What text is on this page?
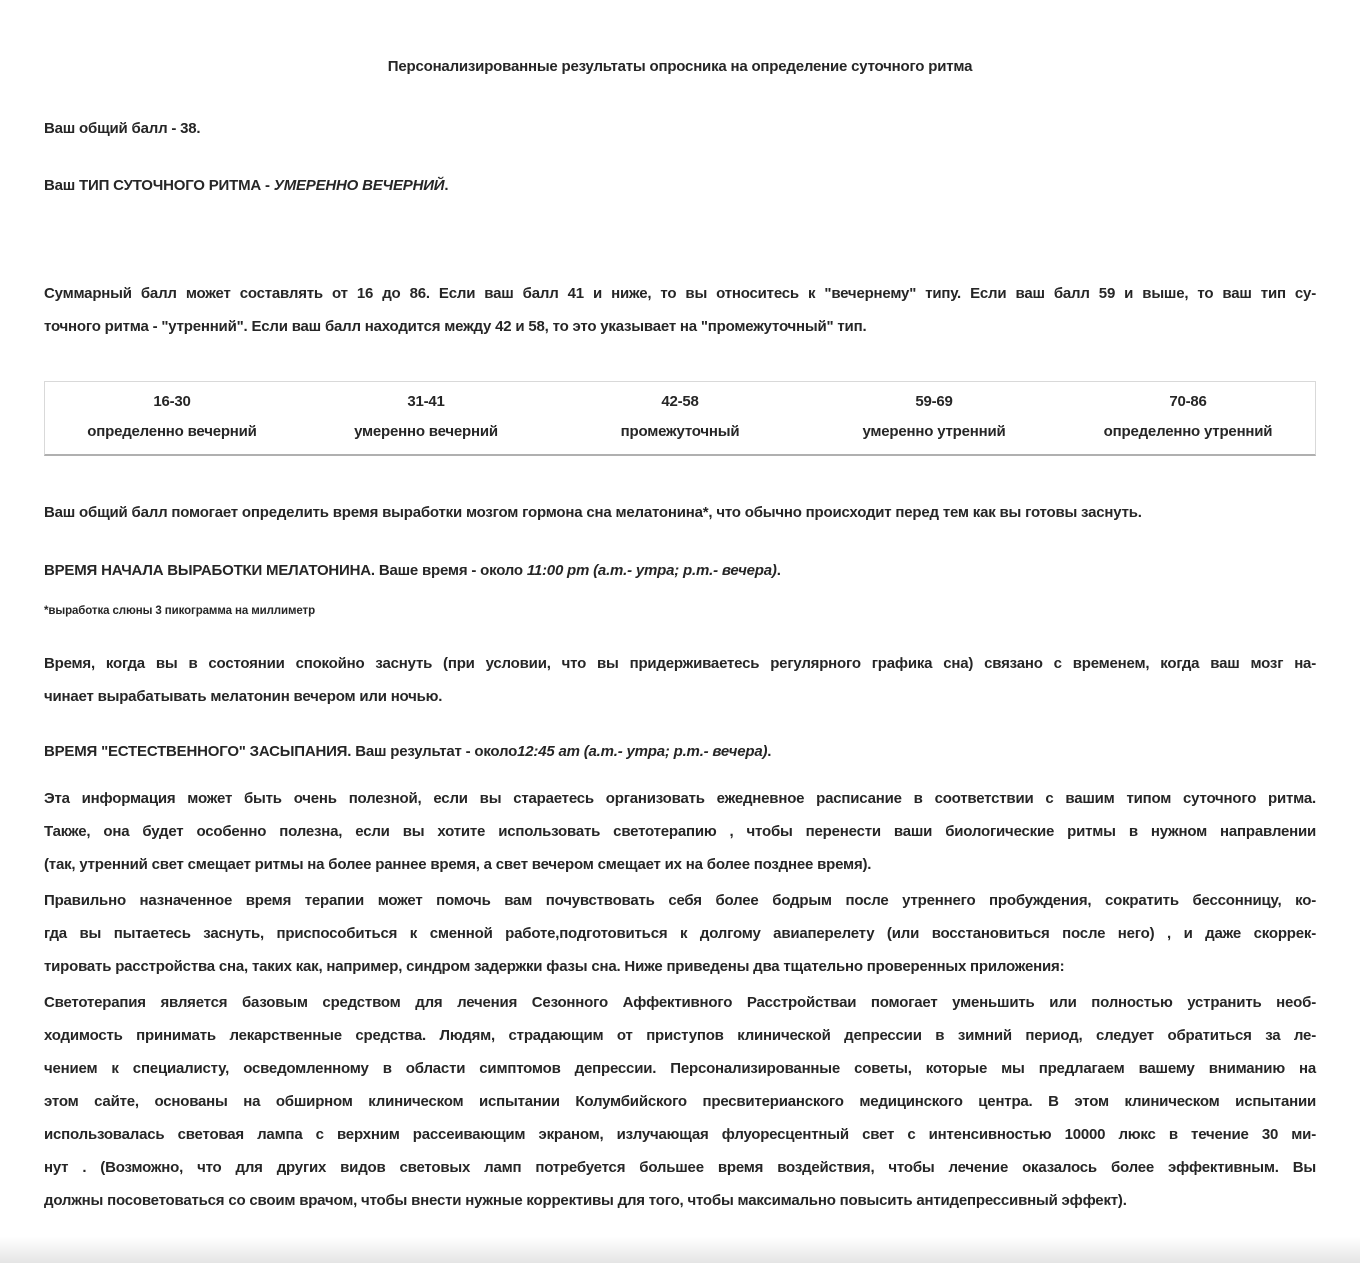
Персонализированные результаты опросника на определение суточного ритма
Ваш общий балл - 38.
Ваш ТИП СУТОЧНОГО РИТМА - УМЕРЕННО ВЕЧЕРНИЙ.
Суммарный балл может составлять от 16 до 86. Если ваш балл 41 и ниже, то вы относитесь к "вечернему" типу. Если ваш балл 59 и выше, то ваш тип су-
точного ритма - "утренний". Если ваш балл находится между 42 и 58, то это указывает на "промежуточный" тип.
16-30
определенно вечерний
31-41
умеренно вечерний
42-58
промежуточный
59-69
умеренно утренний
70-86
определенно утренний
Ваш общий балл помогает определить время выработки мозгом гормона сна мелатонина*, что обычно происходит перед тем как вы готовы заснуть.
ВРЕМЯ НАЧАЛА ВЫРАБОТКИ МЕЛАТОНИНА. Ваше время - около 11:00 pm (a.m.- утра; p.m.- вечера).
*выработка слюны 3 пикограмма на миллиметр
Время, когда вы в состоянии спокойно заснуть (при условии, что вы придерживаетесь регулярного графика сна) связано с временем, когда ваш мозг на-
чинает вырабатывать мелатонин вечером или ночью.
ВРЕМЯ "ЕСТЕСТВЕННОГО" ЗАСЫПАНИЯ. Ваш результат - около12:45 am (a.m.- утра; p.m.- вечера).
Эта информация может быть очень полезной, если вы стараетесь организовать ежедневное расписание в соответствии с вашим типом суточного ритма.
Также, она будет особенно полезна, если вы хотите использовать светотерапию , чтобы перенести ваши биологические ритмы в нужном направлении
(так, утренний свет смещает ритмы на более раннее время, а свет вечером смещает их на более позднее время).
Правильно назначенное время терапии может помочь вам почувствовать себя более бодрым после утреннего пробуждения, сократить бессонницу, ко-
гда вы пытаетесь заснуть, приспособиться к сменной работе,подготовиться к долгому авиаперелету (или восстановиться после него) , и даже скоррек-
тировать расстройства сна, таких как, например, синдром задержки фазы сна. Ниже приведены два тщательно проверенных приложения:
Светотерапия является базовым средством для лечения Сезонного Аффективного Расстройстваи помогает уменьшить или полностью устранить необ-
ходимость принимать лекарственные средства. Людям, страдающим от приступов клинической депрессии в зимний период, следует обратиться за ле-
чением к специалисту, осведомленному в области симптомов депрессии. Персонализированные советы, которые мы предлагаем вашему вниманию на
этом сайте, основаны на обширном клиническом испытании Колумбийского пресвитерианского медицинского центра. В этом клиническом испытании
использовалась световая лампа с верхним рассеивающим экраном, излучающая флуоресцентный свет с интенсивностью 10000 люкс в течение 30 ми-
нут . (Возможно, что для других видов световых ламп потребуется большее время воздействия, чтобы лечение оказалось более эффективным. Вы
должны посоветоваться со своим врачом, чтобы внести нужные коррективы для того, чтобы максимально повысить антидепрессивный эффект).
